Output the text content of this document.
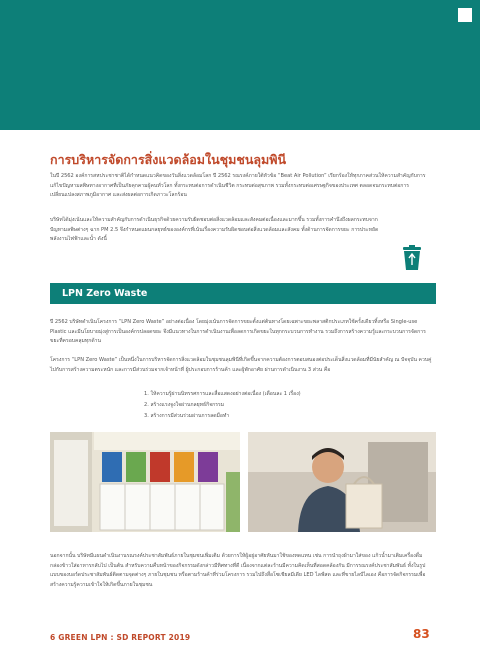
การบริหารจัดการสิ่งแวดล้อมในชุมชนลุมพินี

ในปี 2562 องค์การสหประชาชาติได้กำหนดแนวคิดของวันสิ่งแวดล้อมโลก ปี 2562 รณรงค์ภายใต้หัวข้อ “Beat Air Pollution” เรียกร้องให้ทุกภาคส่วนให้ความสำคัญกับการแก้ไขปัญหามลพิษทางอากาศที่เป็นภัยคุกคามผู้คนทั่วโลก ทั้งกระทบต่อการดำเนินชีวิต กระทบต่อสุขภาพ รวมทั้งกระทบต่อเศรษฐกิจของประเทศ ตลอดจนกระทบต่อการเปลี่ยนแปลงสภาพภูมิอากาศ และส่งผลต่อการเกิดภาวะโลกร้อน

บริษัทได้มุ่งเน้นและให้ความสำคัญกับการดำเนินธุรกิจด้วยความรับผิดชอบต่อสิ่งแวดล้อมและสังคมต่อเนื่องและมากขึ้น รวมทั้งการคำนึงถึงผลกระทบจากปัญหามลพิษต่างๆ ฉาก PM 2.5 จึงกำหนดแผนกลยุทธ์ขององค์กรที่เน้นเรื่องความรับผิดชอบต่อสิ่งแวดล้อมและสังคม ทั้งด้านการจัดการขยะ การประหยัดพลังงานไฟฟ้าและน้ำ ดังนี้

LPN Zero Waste

ปี 2562 บริษัทดำเนินโครงการ “LPN Zero Waste” อย่างต่อเนื่อง โดยมุ่งเน้นการจัดการขยะตั้งแต่ต้นทางโดยเฉพาะขยะพลาสติกประเภทใช้ครั้งเดียวทิ้งหรือ Single-use Plastic และมีนโยบายมุ่งสู่การเป็นองค์กรปลอดขยะ จึงมีแนวทางในการดำเนินงานเพื่อลดการเกิดขยะในทุกกระบวนการทำงาน รวมถึงการสร้างความรู้และกระบวนการจัดการขยะที่ครอบคลุมทุกด้าน

โครงการ “LPN Zero Waste” เป็นหนึ่งในการบริหารจัดการสิ่งแวดล้อมในชุมชนลุมพินีที่เกิดขึ้นจากความต้องการตอบสนองต่อประเด็นสิ่งแวดล้อมที่มีนัยสำคัญ ณ ปัจจุบัน ควบคู่ไปกับการสร้างความตระหนัก และการมีส่วนร่วมจากเจ้าหน้าที่ ผู้ประกอบการร้านค้า และผู้พักอาศัย ผ่านการดำเนินงาน 3 ส่วน คือ

1. ให้ความรู้ผ่านนิทรรศการและสื่อแสดงอย่างต่อเนื่อง (เดือนละ 1 เรื่อง)
2. สร้างแรงจูงใจผ่านกลยุทธ์กิจกรรม
3. สร้างการมีส่วนร่วมผ่านการลดมือทำ

นอกจากนั้น บริษัทมีแผนดำเนินงานรณรงค์ประชาสัมพันธ์ภายในชุมชนเพิ่มเติม ด้วยการให้ผู้อยู่อาศัยหันมาใช้ของทดแทน เช่น การนำถุงผ้ามาใส่ของ แก้วน้ำมาเติมเครื่องดื่ม กล่องข้าวใส่อาหารกลับไป เป็นต้น สำหรับความคืบหน้าของกิจกรรมดังกล่าวมีทิศทางที่ดี เนื่องจากแต่ละร้านมีความคิดเห็นที่สอดคล้องกัน มีการรณรงค์ประชาสัมพันธ์ ทั้งในรูปแบบของบอร์ดประชาสัมพันธ์ติดตามจุดต่างๆ ภายในชุมชน หรือตามร้านค้าที่ร่วมโครงการ รวมไปถึงสื่อโซเชียลมีเดีย LED ไลฟ์สด และที่ขายไลป์ไลเอง คือการจัดกิจกรรมเพื่อสร้างความรู้ความเข้าใจให้เกิดขึ้นภายในชุมชน

6 GREEN LPN : SD REPORT 2019	83
